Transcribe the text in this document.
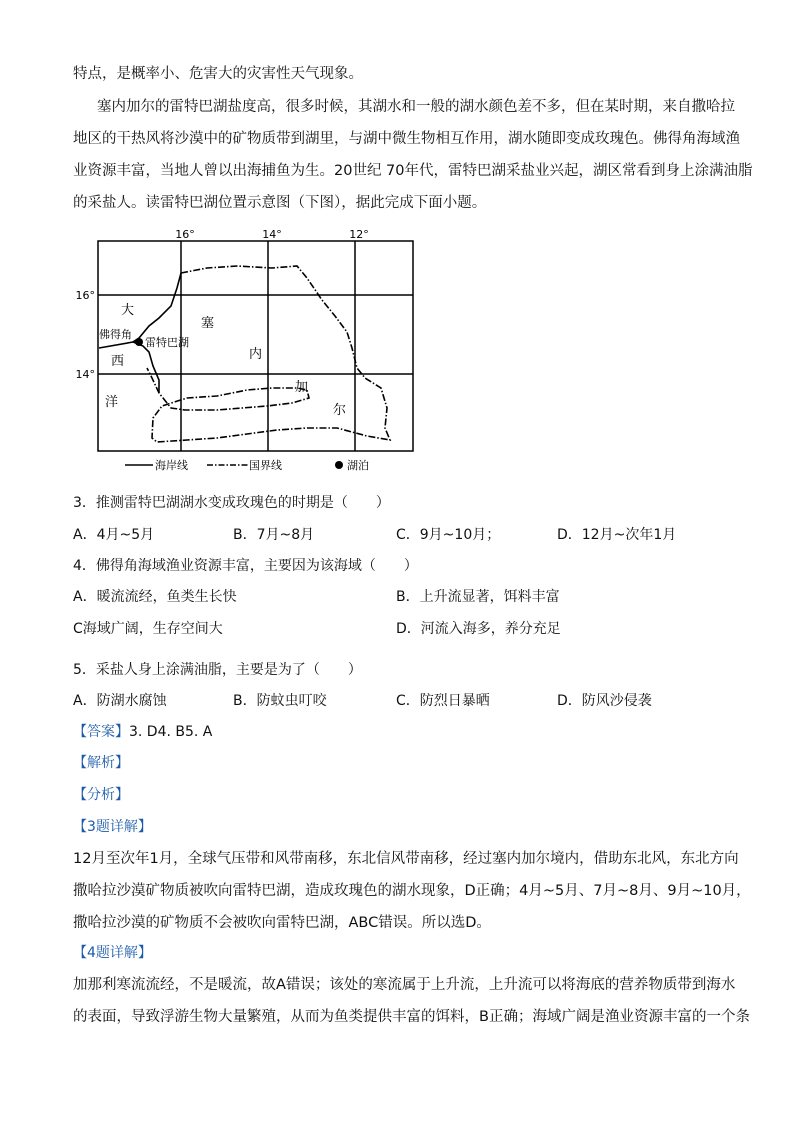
特点，是概率小、危害大的灾害性天气现象。
塞内加尔的雷特巴湖盐度高，很多时候，其湖水和一般的湖水颜色差不多，但在某时期，来自撒哈拉
地区的干热风将沙漠中的矿物质带到湖里，与湖中微生物相互作用，湖水随即变成玫瑰色。佛得角海域渔
业资源丰富，当地人曾以出海捕鱼为生。20世纪 70年代，雷特巴湖采盐业兴起，湖区常看到身上涂满油脂
的采盐人。读雷特巴湖位置示意图（下图），据此完成下面小题。
16°	14°	12°
16°
14°
大
西
洋
佛得角
雷特巴湖
塞
内
加
尔
海岸线	国界线	湖泊
3．推测雷特巴湖湖水变成玫瑰色的时期是（　　）
A．4月~5月	B．7月~8月	C．9月~10月；	D．12月~次年1月
4．佛得角海域渔业资源丰富，主要因为该海域（　　）
A．暖流流经，鱼类生长快	B．上升流显著，饵料丰富
C海域广阔，生存空间大	D．河流入海多，养分充足
5．采盐人身上涂满油脂，主要是为了（　　）
A．防湖水腐蚀	B．防蚊虫叮咬	C．防烈日暴晒	D．防风沙侵袭
【答案】3. D4. B5. A
【解析】
【分析】
【3题详解】
12月至次年1月，全球气压带和风带南移，东北信风带南移，经过塞内加尔境内，借助东北风，东北方向
撒哈拉沙漠矿物质被吹向雷特巴湖，造成玫瑰色的湖水现象，D正确；4月~5月、7月~8月、9月~10月，
撒哈拉沙漠的矿物质不会被吹向雷特巴湖，ABC错误。所以选D。
【4题详解】
加那利寒流流经，不是暖流，故A错误；该处的寒流属于上升流，上升流可以将海底的营养物质带到海水
的表面，导致浮游生物大量繁殖，从而为鱼类提供丰富的饵料，B正确；海域广阔是渔业资源丰富的一个条
